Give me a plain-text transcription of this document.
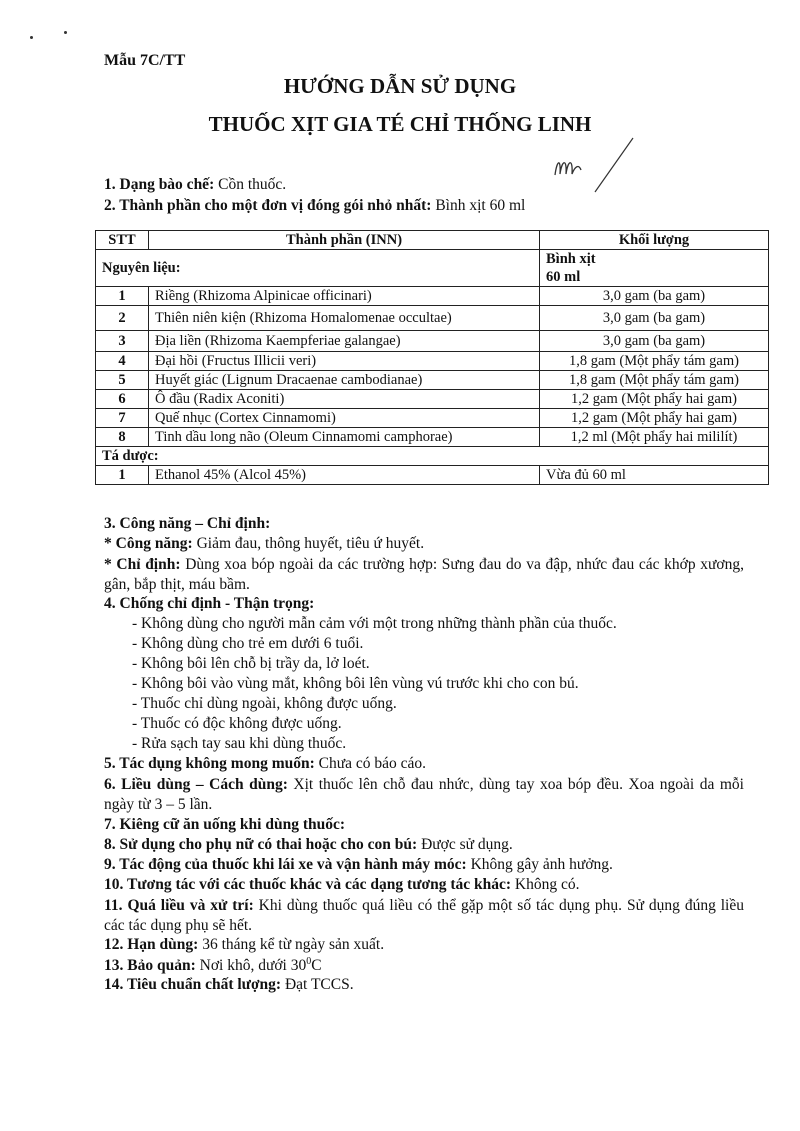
Mẫu 7C/TT
HƯỚNG DẪN SỬ DỤNG
THUỐC XỊT GIA TÉ CHỈ THỐNG LINH
1. Dạng bào chế: Cồn thuốc.
2. Thành phần cho một đơn vị đóng gói nhỏ nhất: Bình xịt 60 ml
STT	Thành phần (INN)	Khối lượng
Nguyên liệu:		Bình xịt
60 ml

1	Riềng (Rhizoma Alpinicae officinari)	3,0 gam (ba gam)
2	Thiên niên kiện (Rhizoma Homalomenae occultae)	3,0 gam (ba gam)
3	Địa liền (Rhizoma Kaempferiae galangae)	3,0 gam (ba gam)
4	Đại hồi (Fructus Illicii veri)	1,8 gam (Một phẩy tám gam)
5	Huyết giác (Lignum Dracaenae cambodianae)	1,8 gam (Một phẩy tám gam)
6	Ô đầu (Radix Aconiti)	1,2 gam (Một phẩy hai gam)
7	Quế nhục (Cortex Cinnamomi)	1,2 gam (Một phẩy hai gam)
8	Tinh dầu long não (Oleum Cinnamomi camphorae)	1,2 ml (Một phẩy hai mililít)
Tá dược:		
1	Ethanol 45% (Alcol 45%)	Vừa đủ 60 ml
3. Công năng – Chỉ định:
* Công năng: Giảm đau, thông huyết, tiêu ứ huyết.
* Chỉ định: Dùng xoa bóp ngoài da các trường hợp: Sưng đau do va đập, nhức đau các khớp xương, gân, bắp thịt, máu bầm.
4. Chống chỉ định - Thận trọng:
- Không dùng cho người mẫn cảm với một trong những thành phần của thuốc.
- Không dùng cho trẻ em dưới 6 tuổi.
- Không bôi lên chỗ bị trầy da, lở loét.
- Không bôi vào vùng mắt, không bôi lên vùng vú trước khi cho con bú.
- Thuốc chỉ dùng ngoài, không được uống.
- Thuốc có độc không được uống.
- Rửa sạch tay sau khi dùng thuốc.
5. Tác dụng không mong muốn: Chưa có báo cáo.
6. Liều dùng – Cách dùng: Xịt thuốc lên chỗ đau nhức, dùng tay xoa bóp đều. Xoa ngoài da mỗi ngày từ 3 – 5 lần.
7. Kiêng cữ ăn uống khi dùng thuốc:
8. Sử dụng cho phụ nữ có thai hoặc cho con bú: Được sử dụng.
9. Tác động của thuốc khi lái xe và vận hành máy móc: Không gây ảnh hưởng.
10. Tương tác với các thuốc khác và các dạng tương tác khác: Không có.
11. Quá liều và xử trí: Khi dùng thuốc quá liều có thể gặp một số tác dụng phụ. Sử dụng đúng liều các tác dụng phụ sẽ hết.
12. Hạn dùng: 36 tháng kể từ ngày sản xuất.
13. Bảo quản: Nơi khô, dưới $30^0C$
14. Tiêu chuẩn chất lượng: Đạt TCCS.
